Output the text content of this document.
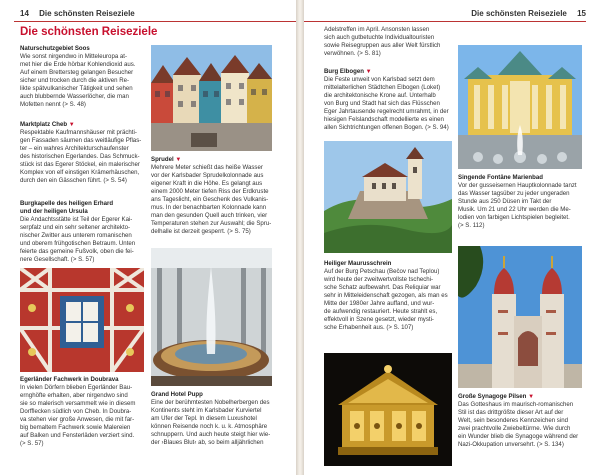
14 Die schönsten Reiseziele
Die schönsten Reiseziele
Naturschutzgebiet Soos
Wie sonst nirgendwo in Mitteleuropa at-
met hier die Erde hörbar Kohlendioxid aus.
Auf einem Brettersteg gelangen Besucher
sicher und trocken durch die aktiven Re-
likte spätvulkanischer Tätigkeit und sehen
auch blubbernde Wasserlöcher, die man
Mofetten nennt (> S. 48)
Marktplatz Cheb ▼
Respektable Kaufmannshäuser mit prächti-
gen Fassaden säumen das weitläufige Pflas-
ter – ein wahres Architekturschaufenster
des historischen Egerlandes. Das Schmuck-
stück ist das Egerer Stöckel, ein malerischer
Komplex von elf einstigen Krämerhäuschen,
durch den ein Gässchen führt. (> S. 54)
Burgkapelle des heiligen Erhard
und der heiligen Ursula
Die Andachtsstätte ist Teil der Egerer Kai-
serpfalz und ein sehr seltener architekto-
nischer Zwitter aus unterem romanischen
und oberem frühgotischen Betraum. Unten
feierte das gemeine Fußvolk, oben die fei-
nere Gesellschaft. (> S. 57)
Sprudel ▼
Mehrere Meter schießt das heiße Wasser
vor der Karlsbader Sprudelkolonnade aus
eigener Kraft in die Höhe. Es gelangt aus
einem 2000 Meter tiefen Riss der Erdkruste
ans Tageslicht, ein Geschenk des Vulkanis-
mus. In der benachbarten Kolonnade kann
man den gesunden Quell auch trinken, vier
Temperaturen stehen zur Auswahl; die Spru-
delhalle ist derzeit gesperrt. (> S. 75)
Egerländer Fachwerk in Doubrava
In vielen Dörfern blieben Egerländer Bau-
ernghöfte erhalten, aber nirgendwo sind
sie so malerisch versammelt wie in diesem
Dorfflecken südlich von Cheb. In Doubra-
va stehen vier große Anwesen, die mit far-
big bemaltem Fachwerk sowie Malereien
auf Balken und Fensterläden verziert sind.
(> S. 57)
Grand Hotel Pupp
Eine der berühmtesten Nobelherbergen des
Kontinents steht im Karlsbader Kurviertel
am Ufer der Tepl. In diesem Luxushotel
können Reisende noch k. u. k. Atmosphäre
schnuppern. Und auch heute steigt hier wie-
der ›Blaues Blut‹ ab, so beim alljährlichen
Die schönsten Reiseziele 15
Adelstreffen im April. Ansonsten lassen
sich auch gutbetuchte Individualtouristen
sowie Reisegruppen aus aller Welt fürstlich
verwöhnen. (> S. 81)
Burg Elbogen ▼
Die Feste unweit von Karlsbad setzt dem
mittelalterlichen Städtchen Elbogen (Loket)
die architektonische Krone auf. Unterhalb
von Burg und Stadt hat sich das Flüsschen
Eger Jahrtausende regelrecht umrahmt, in der
hiesigen Felslandschaft modellierte es einen
allen Sichtrichtungen offenen Bogen. (> S. 94)
Heiliger Maurusschrein
Auf der Burg Petschau (Bečov nad Teplou)
wird heute der zweitwertvollste tschechi-
sche Schatz aufbewahrt. Das Reliquiar war
sehr in Mitteleidenschaft gezogen, als man es
Mitte der 1980er Jahre auffand, und wur-
de aufwendig restauriert. Heute strahlt es,
effektvoll in Szene gesetzt, wieder mysti-
sche Erhabenheit aus. (> S. 107)
Singende Fontäne Marienbad
Vor der gusseisernen Hauptkolonnade tanzt
das Wasser tagsüber zu jeder ungeraden
Stunde aus 250 Düsen im Takt der
Musik. Um 21 und 22 Uhr werden die Me-
lodien von farbigen Lichtspielen begleitet.
(> S. 112)
Große Synagoge Pilsen ▼
Das Gotteshaus im maurisch-romanischen
Stil ist das drittgrößte dieser Art auf der
Welt, sein besonderes Kennzeichen sind
zwei prachtvolle Zwiebeltürme. Wie durch
ein Wunder blieb die Synagoge während der
Nazi-Okkupation unversehrt. (> S. 134)
